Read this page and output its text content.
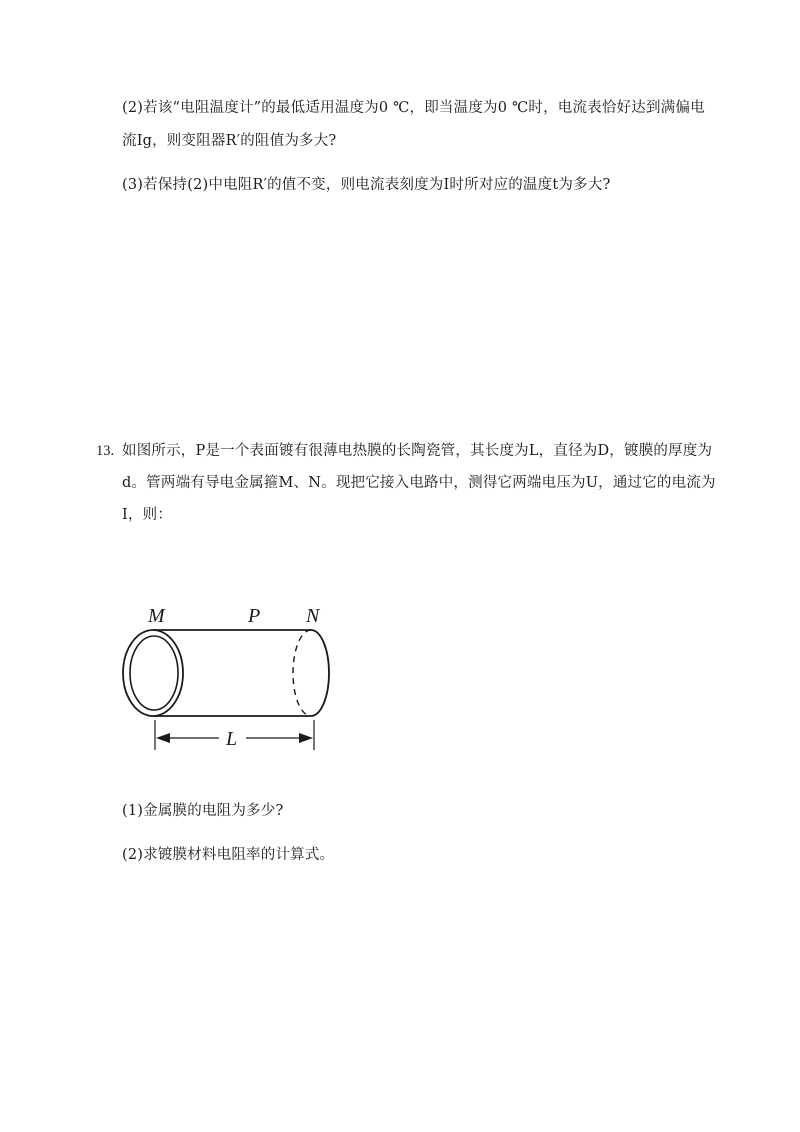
(2)若该“电阻温度计”的最低适用温度为0 ℃，即当温度为0 ℃时，电流表恰好达到满偏电
流Ig，则变阻器R′的阻值为多大?
(3)若保持(2)中电阻R′的值不变，则电流表刻度为I时所对应的温度t为多大?
13. 如图所示，P是一个表面镀有很薄电热膜的长陶瓷管，其长度为L，直径为D，镀膜的厚度为
d。管两端有导电金属箍M、N。现把它接入电路中，测得它两端电压为U，通过它的电流为
I，则：
M	P N
L
(1)金属膜的电阻为多少?
(2)求镀膜材料电阻率的计算式。
